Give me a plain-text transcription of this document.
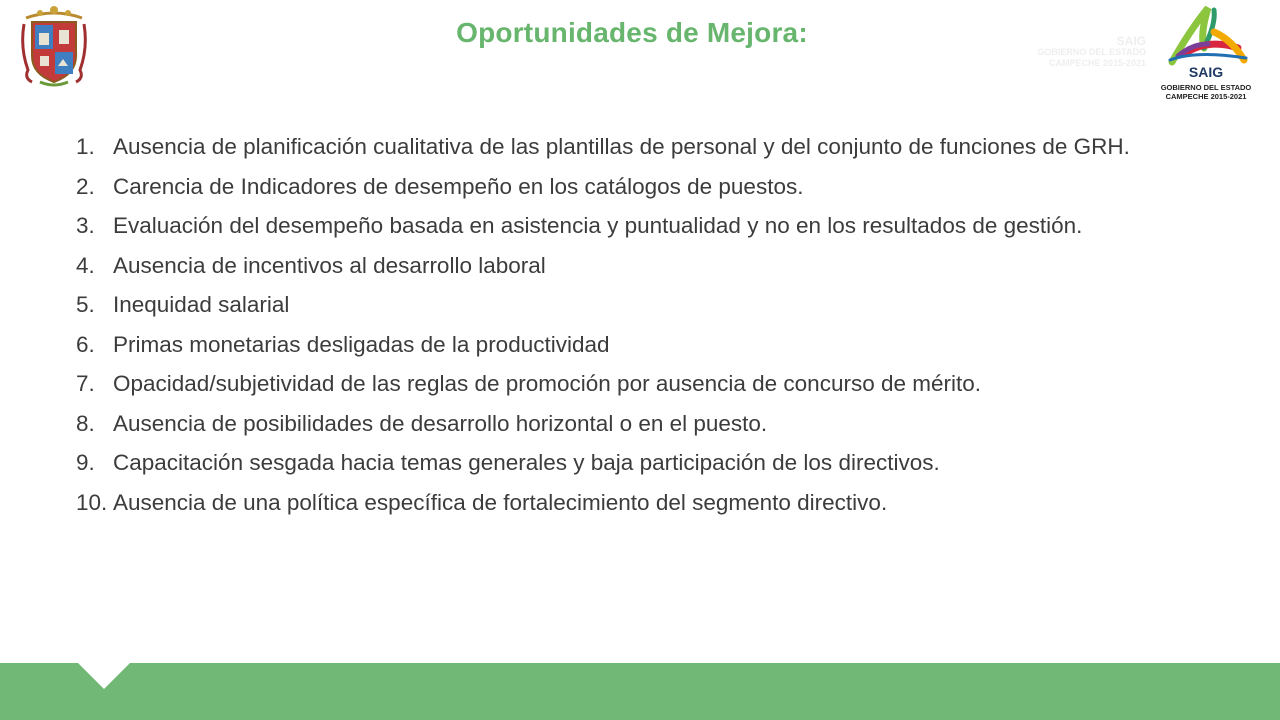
Oportunidades de Mejora:	SAIG
GOBIERNO DEL ESTADO
CAMPECHE 2015-2021
SAIG
GOBIERNO DEL ESTADO
CAMPECHE 2015-2021
1. Ausencia de planificación cualitativa de las plantillas de personal y del conjunto de funciones de GRH.
2. Carencia de Indicadores de desempeño en los catálogos de puestos.
3. Evaluación del desempeño basada en asistencia y puntualidad y no en los resultados de gestión.
4. Ausencia de incentivos al desarrollo laboral
5. Inequidad salarial
6. Primas monetarias desligadas de la productividad
7. Opacidad/subjetividad de las reglas de promoción por ausencia de concurso de mérito.
8. Ausencia de posibilidades de desarrollo horizontal o en el puesto.
9. Capacitación sesgada hacia temas generales y baja participación de los directivos.
10. Ausencia de una política específica de fortalecimiento del segmento directivo.
